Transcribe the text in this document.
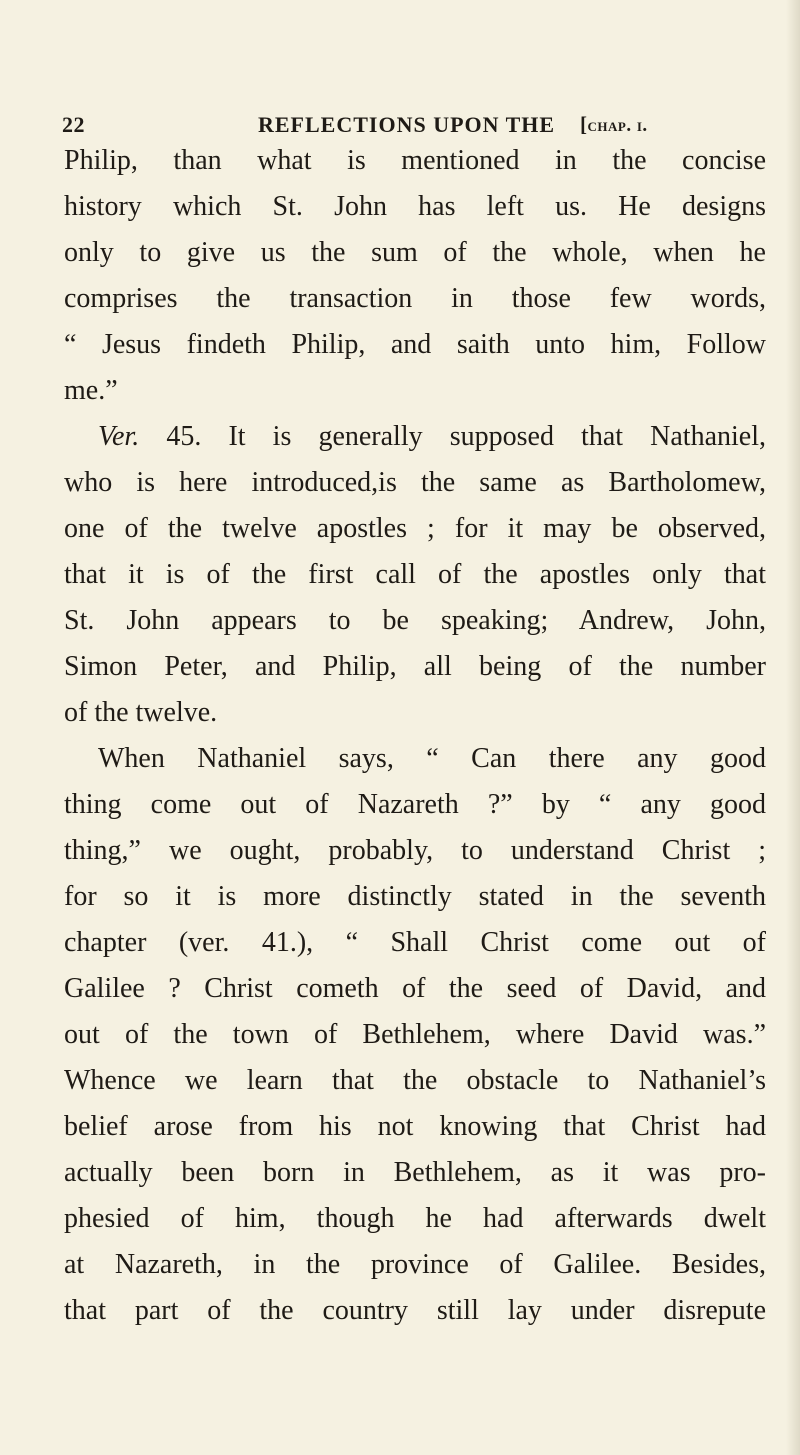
22	REFLECTIONS UPON THE [chap. i.
Philip, than what is mentioned in the concise
history which St. John has left us. He designs
only to give us the sum of the whole, when he
comprises the transaction in those few words,
“ Jesus findeth Philip, and saith unto him, Follow
me.”
Ver. 45. It is generally supposed that Nathaniel,
who is here introduced,is the same as Bartholomew,
one of the twelve apostles ; for it may be observed,
that it is of the first call of the apostles only that
St. John appears to be speaking; Andrew, John,
Simon Peter, and Philip, all being of the number
of the twelve.
When Nathaniel says, “ Can there any good
thing come out of Nazareth ?” by “ any good
thing,” we ought, probably, to understand Christ ;
for so it is more distinctly stated in the seventh
chapter (ver. 41.), “ Shall Christ come out of
Galilee ? Christ cometh of the seed of David, and
out of the town of Bethlehem, where David was.”
Whence we learn that the obstacle to Nathaniel’s
belief arose from his not knowing that Christ had
actually been born in Bethlehem, as it was pro-
phesied of him, though he had afterwards dwelt
at Nazareth, in the province of Galilee. Besides,
that part of the country still lay under disrepute
